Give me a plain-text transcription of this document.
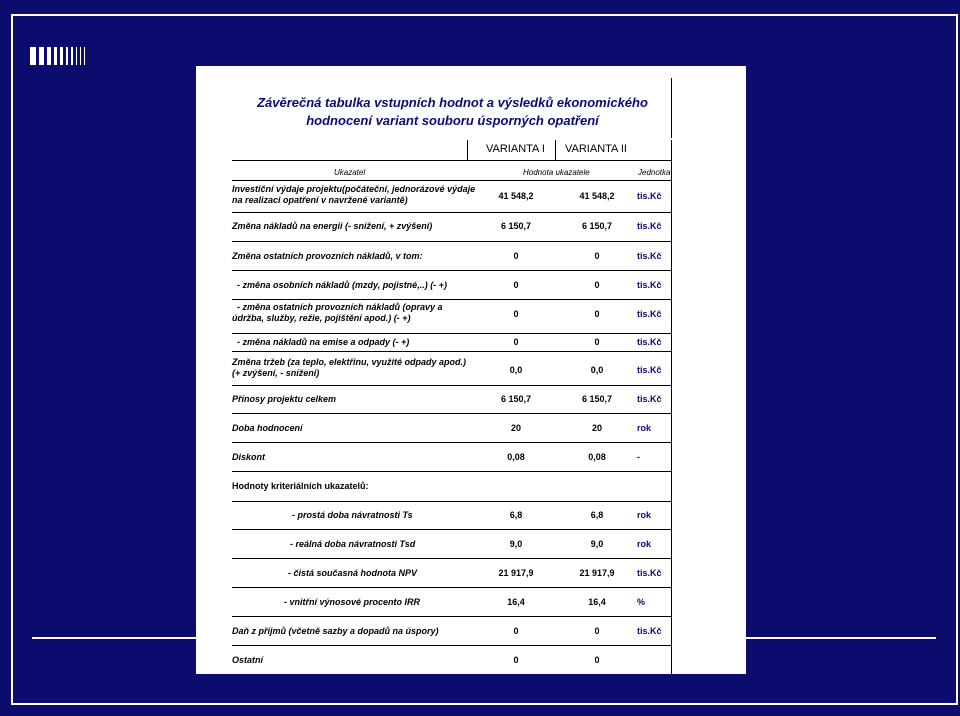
Závěrečná tabulka vstupních hodnot a výsledků ekonomického hodnocení variant souboru úsporných opatření
VARIANTA I VARIANTA II
Ukazatel	Hodnota ukazatele	Jednotka
Investiční výdaje projektu(počáteční, jednorázové výdaje
na realizaci opatření v navržené variantě)	41 548,2	41 548,2	tis.Kč
Změna nákladů na energii (- snížení, + zvýšení)	6 150,7	6 150,7	tis.Kč
Změna ostatních provozních nákladů, v tom:	0	0	tis.Kč
- změna osobních nákladů (mzdy, pojistné,..) (- +)	0	0	tis.Kč
- změna ostatních provozních nákladů (opravy a
údržba, služby, režie, pojištění apod.) (- +)	0	0	tis.Kč
- změna nákladů na emise a odpady (- +)	0	0	tis.Kč
Změna tržeb (za teplo, elektřinu, využité odpady apod.)
(+ zvýšení, - snížení)	0,0	0,0	tis.Kč
Přínosy projektu celkem	6 150,7	6 150,7	tis.Kč
Doba hodnocení	20	20	rok
Diskont	0,08	0,08	-
Hodnoty kriteriálních ukazatelů:
- prostá doba návratnosti Ts	6,8	6,8	rok
- reálná doba návratnosti Tsd	9,0	9,0	rok
- čistá současná hodnota NPV	21 917,9	21 917,9	tis.Kč
- vnitřní výnosové procento IRR	16,4	16,4	%
Daň z příjmů (včetně sazby a dopadů na úspory)	0	0	tis.Kč
Ostatní	0	0
